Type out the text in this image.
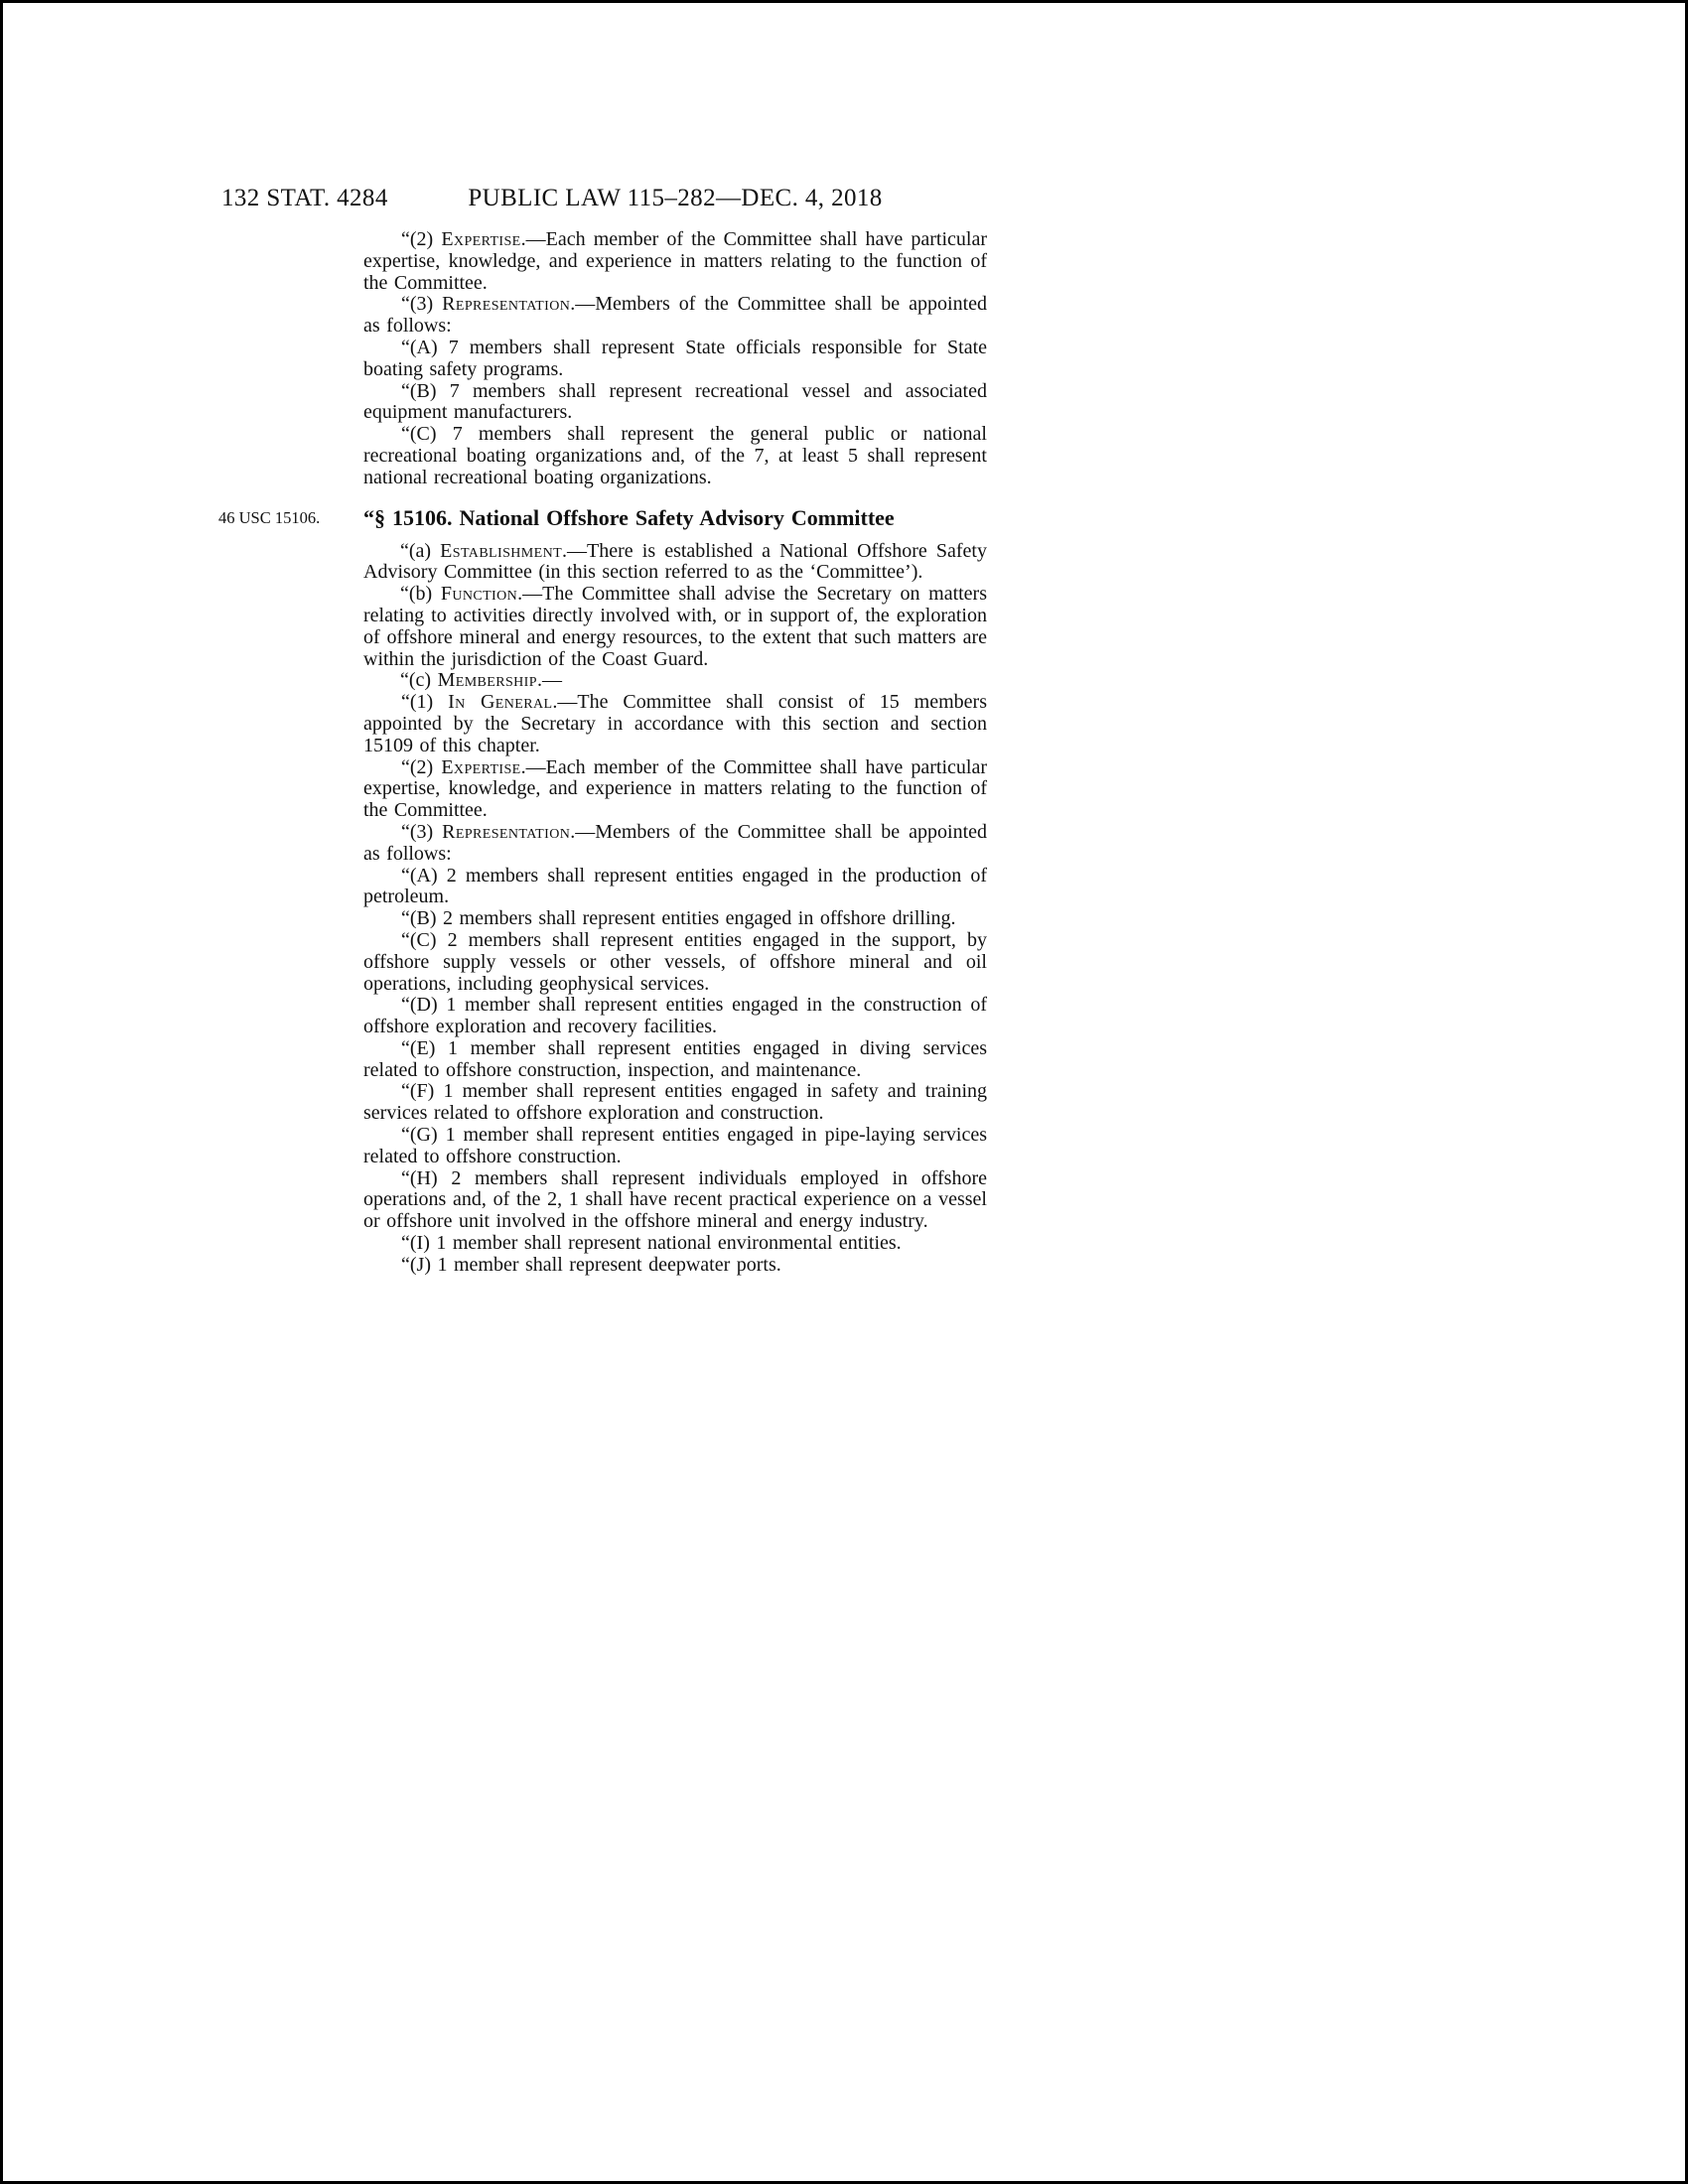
132 STAT. 4284	PUBLIC LAW 115–282—DEC. 4, 2018

“(2) Expertise.—Each member of the Committee shall have particular expertise, knowledge, and experience in matters relating to the function of the Committee.

“(3) Representation.—Members of the Committee shall be appointed as follows:

“(A) 7 members shall represent State officials responsible for State boating safety programs.

“(B) 7 members shall represent recreational vessel and associated equipment manufacturers.

“(C) 7 members shall represent the general public or national recreational boating organizations and, of the 7, at least 5 shall represent national recreational boating organizations.

46 USC 15106.	“§ 15106. National Offshore Safety Advisory Committee

“(a) Establishment.—There is established a National Offshore Safety Advisory Committee (in this section referred to as the ‘Committee’).

“(b) Function.—The Committee shall advise the Secretary on matters relating to activities directly involved with, or in support of, the exploration of offshore mineral and energy resources, to the extent that such matters are within the jurisdiction of the Coast Guard.

“(c) Membership.—

“(1) In General.—The Committee shall consist of 15 members appointed by the Secretary in accordance with this section and section 15109 of this chapter.

“(2) Expertise.—Each member of the Committee shall have particular expertise, knowledge, and experience in matters relating to the function of the Committee.

“(3) Representation.—Members of the Committee shall be appointed as follows:

“(A) 2 members shall represent entities engaged in the production of petroleum.

“(B) 2 members shall represent entities engaged in offshore drilling.

“(C) 2 members shall represent entities engaged in the support, by offshore supply vessels or other vessels, of offshore mineral and oil operations, including geophysical services.

“(D) 1 member shall represent entities engaged in the construction of offshore exploration and recovery facilities.

“(E) 1 member shall represent entities engaged in diving services related to offshore construction, inspection, and maintenance.

“(F) 1 member shall represent entities engaged in safety and training services related to offshore exploration and construction.

“(G) 1 member shall represent entities engaged in pipe-laying services related to offshore construction.

“(H) 2 members shall represent individuals employed in offshore operations and, of the 2, 1 shall have recent practical experience on a vessel or offshore unit involved in the offshore mineral and energy industry.

“(I) 1 member shall represent national environmental entities.

“(J) 1 member shall represent deepwater ports.
